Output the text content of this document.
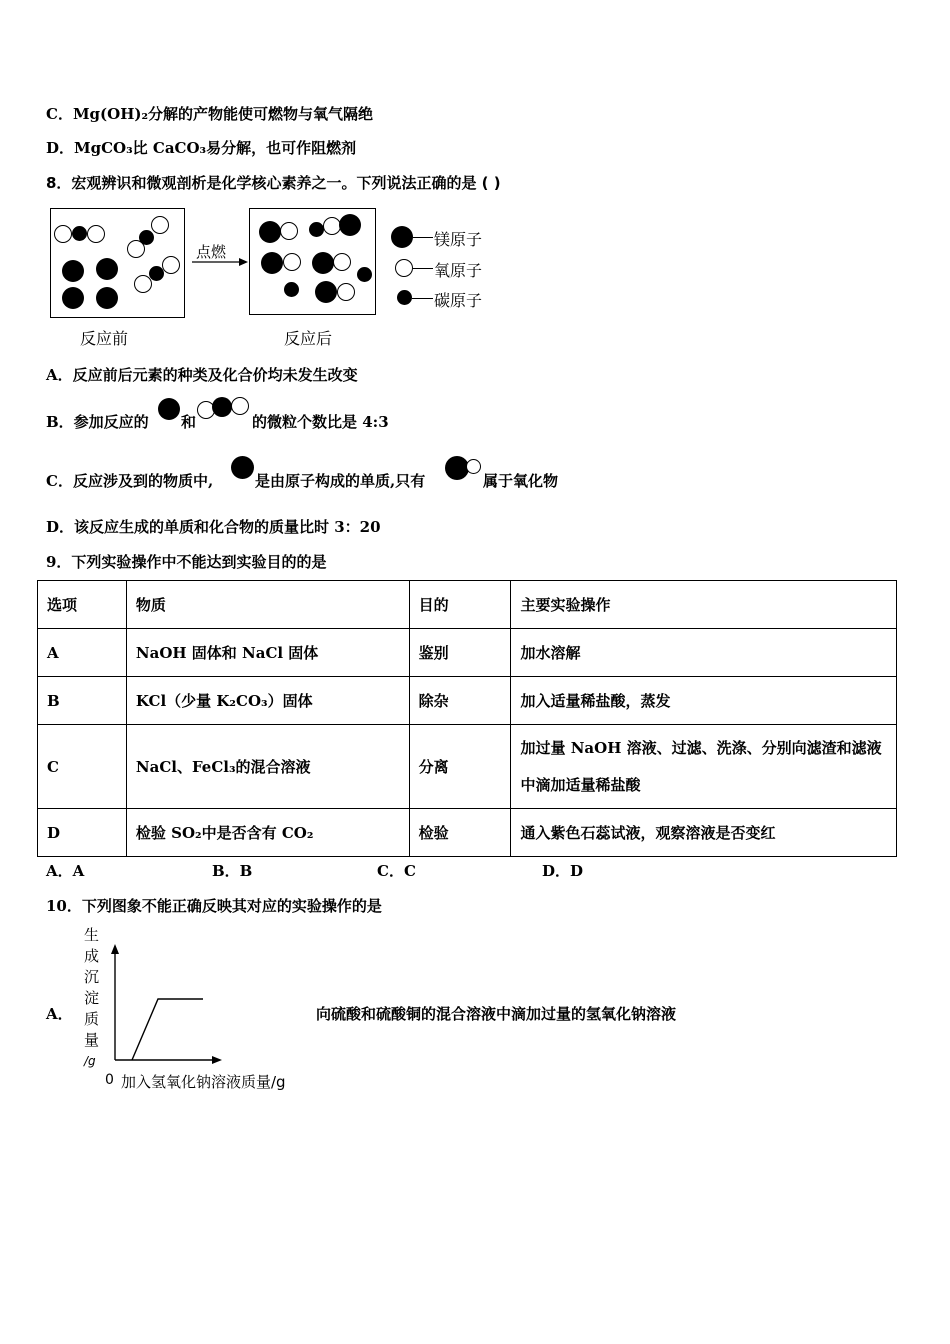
C．Mg(OH)₂分解的产物能使可燃物与氧气隔绝
D．MgCO₃比 CaCO₃易分解，也可作阻燃剂
8．宏观辨识和微观剖析是化学核心素养之一。下列说法正确的是 ( )
反应前
点燃
反应后
镁原子
氧原子
碳原子
A．反应前后元素的种类及化合价均未发生改变
B．参加反应的 和	的微粒个数比是 4:3
C．反应涉及到的物质中,	是由原子构成的单质,只有	属于氧化物
D．该反应生成的单质和化合物的质量比时 3：20
9．下列实验操作中不能达到实验目的的是
选项	物质	目的	主要实验操作
A	NaOH 固体和 NaCl 固体	鉴别	加水溶解
B	KCl（少量 K₂CO₃）固体	除杂	加入适量稀盐酸，蒸发
C	NaCl、FeCl₃的混合溶液	分离	加过量 NaOH 溶液、过滤、洗涤、分别向滤渣和滤液中滴加适量稀盐酸
D	检验 SO₂中是否含有 CO₂	检验	通入紫色石蕊试液，观察溶液是否变红
A．A	B．B	C．C	D．D
10．下列图象不能正确反映其对应的实验操作的是
A．
生
成
沉
淀
质
量
/g
0 加入氢氧化钠溶液质量/g
向硫酸和硫酸铜的混合溶液中滴加过量的氢氧化钠溶液
